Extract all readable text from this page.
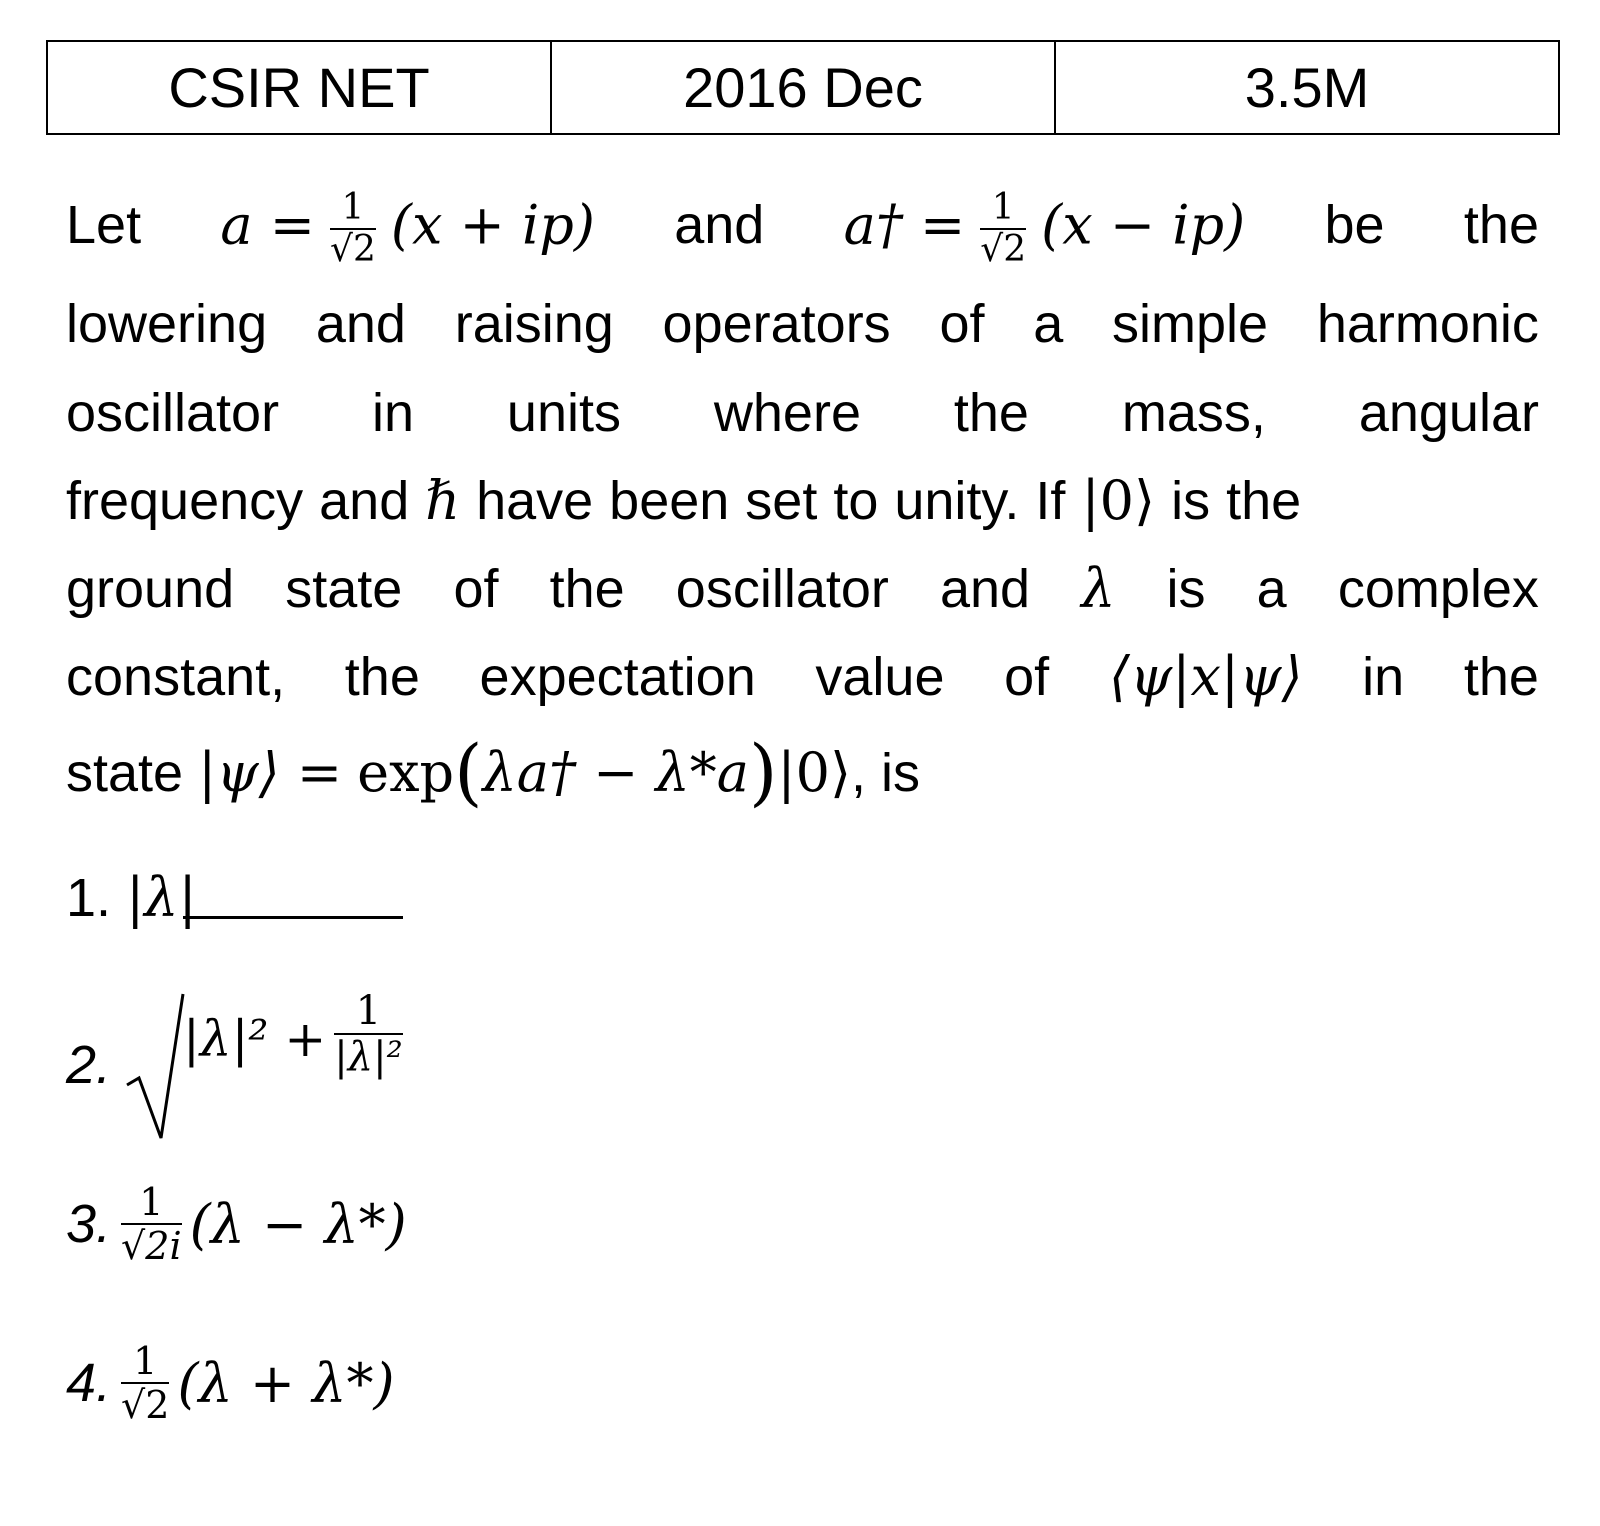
CSIR NET	2016 Dec	3.5M
Let $a = \frac{1}{√2} (x + ip)$ and a† = $\frac{1}{√2} (x - ip)$ be the
lowering and raising operators of a simple harmonic
oscillator in units where the mass, angular
frequency and ℏ have been set to unity. If |0⟩ is the
ground state of the oscillator and λ is a complex
constant, the expectation value of ⟨ψ|x|ψ⟩ in the
state |ψ⟩ = exp(λa† − λ*a)|0⟩, is
1. |λ|
2. $|\lambda|^2 + \frac{1}{\text{|λ|²}}$
3. $\frac{1}{√2i} (\lambda - \lambda*)$
4. $\frac{1}{√2} (\lambda + \lambda*)$
